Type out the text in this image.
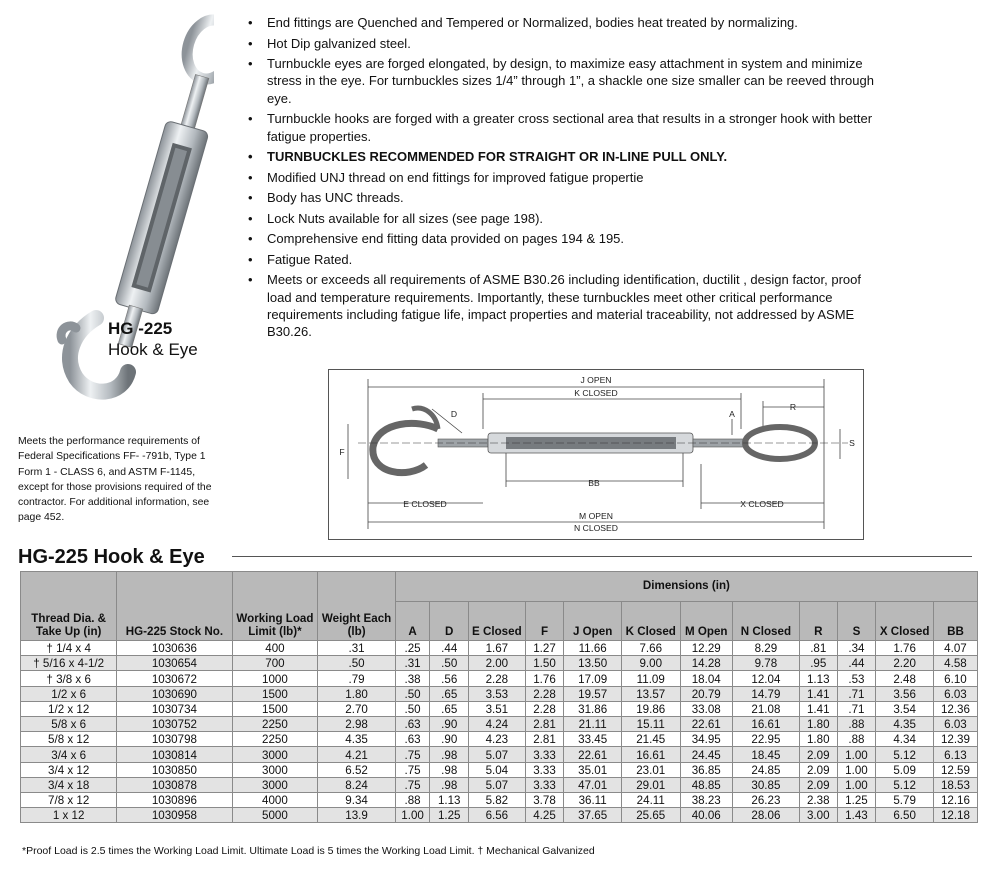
HG -225
Hook & Eye

Meets the performance requirements of Federal Specifications FF- -791b, Type 1 Form 1 - CLASS 6, and ASTM F-1145, except for those provisions required of the contractor. For additional information, see page 452.

• End fittings are Quenched and Tempered or Normalized, bodies heat treated by normalizing.
• Hot Dip galvanized steel.
• Turnbuckle eyes are forged elongated, by design, to maximize easy attachment in system and minimize stress in the eye. For turnbuckles sizes 1/4” through 1”, a shackle one size smaller can be reeved through eye.
• Turnbuckle hooks are forged with a greater cross sectional area that results in a stronger hook with better fatigue properties.
• TURNBUCKLES RECOMMENDED FOR STRAIGHT OR IN-LINE PULL ONLY.
• Modified UNJ thread on end fittings for improved fatigue propertie
• Body has UNC threads.
• Lock Nuts available for all sizes (see page 198).
• Comprehensive end fitting data provided on pages 194 & 195.
• Fatigue Rated.
• Meets or exceeds all requirements of ASME B30.26 including identification, ductilit , design factor, proof load and temperature requirements. Importantly, these turnbuckles meet other critical performance requirements including fatigue life, impact properties and material traceability, not addressed by ASME B30.26.
J OPEN
K CLOSED
M OPEN
N CLOSED
E CLOSED	X CLOSED
BB
R
A
S
F
D
HG-225 Hook & Eye
Thread Dia. & Take Up (in)	HG-225 Stock No.	Working Load Limit (lb)*	Weight Each (lb)	Dimensions (in)											
				A	D	E Closed	F	J Open	K Closed	M Open	N Closed	R	S	X Closed	BB
† 1/4 x 4	1030636	400	.31	.25	.44	1.67	1.27	11.66	7.66	12.29	8.29	.81	.34	1.76	4.07
† 5/16 x 4-1/2	1030654	700	.50	.31	.50	2.00	1.50	13.50	9.00	14.28	9.78	.95	.44	2.20	4.58
† 3/8 x 6	1030672	1000	.79	.38	.56	2.28	1.76	17.09	11.09	18.04	12.04	1.13	.53	2.48	6.10
1/2 x 6	1030690	1500	1.80	.50	.65	3.53	2.28	19.57	13.57	20.79	14.79	1.41	.71	3.56	6.03
1/2 x 12	1030734	1500	2.70	.50	.65	3.51	2.28	31.86	19.86	33.08	21.08	1.41	.71	3.54	12.36
5/8 x 6	1030752	2250	2.98	.63	.90	4.24	2.81	21.11	15.11	22.61	16.61	1.80	.88	4.35	6.03
5/8 x 12	1030798	2250	4.35	.63	.90	4.23	2.81	33.45	21.45	34.95	22.95	1.80	.88	4.34	12.39
3/4 x 6	1030814	3000	4.21	.75	.98	5.07	3.33	22.61	16.61	24.45	18.45	2.09	1.00	5.12	6.13
3/4 x 12	1030850	3000	6.52	.75	.98	5.04	3.33	35.01	23.01	36.85	24.85	2.09	1.00	5.09	12.59
3/4 x 18	1030878	3000	8.24	.75	.98	5.07	3.33	47.01	29.01	48.85	30.85	2.09	1.00	5.12	18.53
7/8 x 12	1030896	4000	9.34	.88	1.13	5.82	3.78	36.11	24.11	38.23	26.23	2.38	1.25	5.79	12.16
1 x 12	1030958	5000	13.9	1.00	1.25	6.56	4.25	37.65	25.65	40.06	28.06	3.00	1.43	6.50	12.18
*Proof Load is 2.5 times the Working Load Limit. Ultimate Load is 5 times the Working Load Limit. † Mechanical Galvanized
